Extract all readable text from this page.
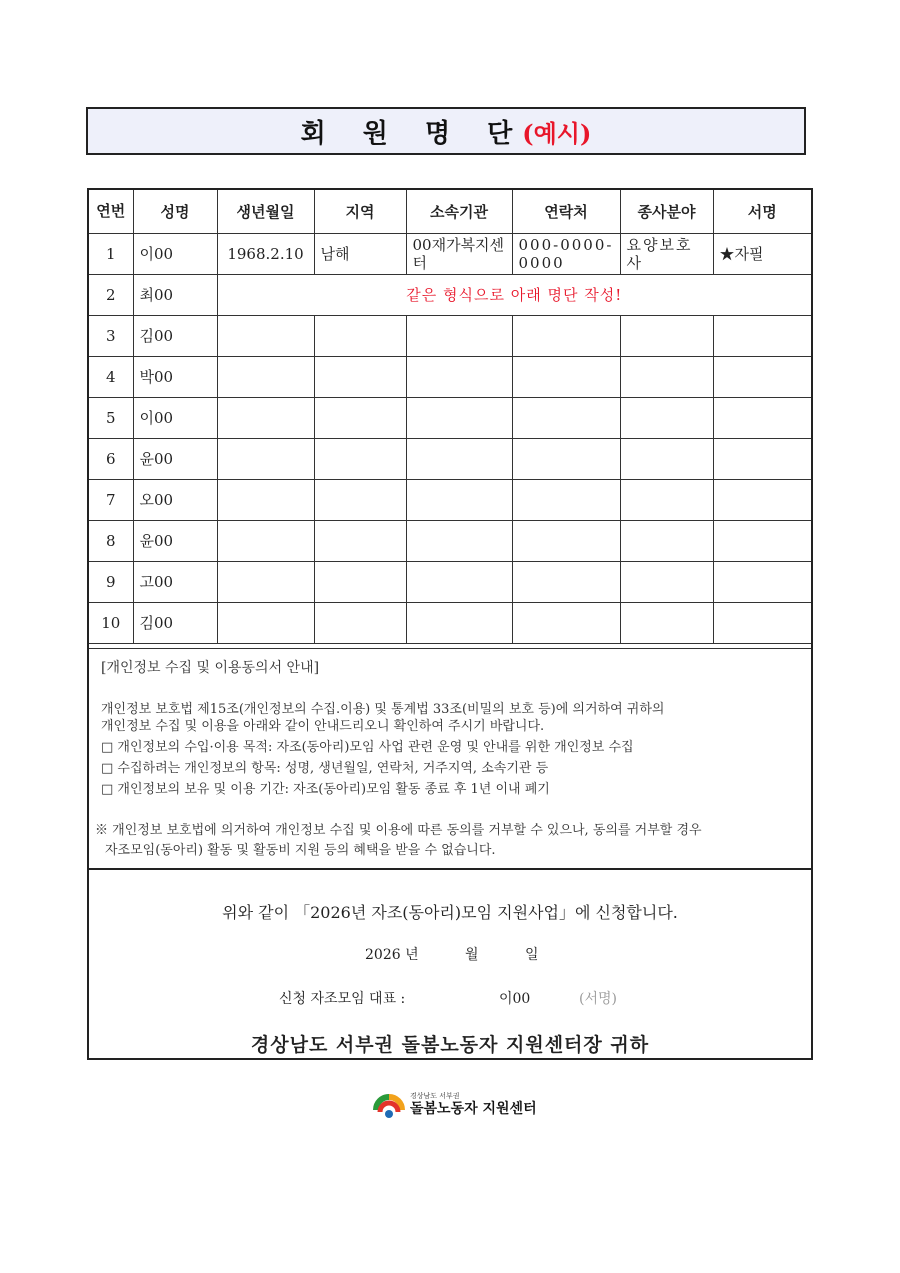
회 원 명 단
(예시)
연번	성명	생년월일	지역	소속기관	연락처	종사분야	서명
1	이00	1968.2.10	남해	00재가복지센터	000-0000-0000	요양보호사	★자필
2	최00	같은 형식으로 아래 명단 작성!					
3	김00						
4	박00						
5	이00						
6	윤00						
7	오00						
8	윤00						
9	고00						
10	김00						
[개인정보 수집 및 이용동의서 안내]
개인정보 보호법 제15조(개인정보의 수집.이용) 및 통계법 33조(비밀의 보호 등)에 의거하여 귀하의
개인정보 수집 및 이용을 아래와 같이 안내드리오니 확인하여 주시기 바랍니다.
□ 개인정보의 수입·이용 목적: 자조(동아리)모임 사업 관련 운영 및 안내를 위한 개인정보 수집
□ 수집하려는 개인정보의 항목: 성명, 생년월일, 연락처, 거주지역, 소속기관 등
□ 개인정보의 보유 및 이용 기간: 자조(동아리)모임 활동 종료 후 1년 이내 폐기
※ 개인정보 보호법에 의거하여 개인정보 수집 및 이용에 따른 동의를 거부할 수 있으나, 동의를 거부할 경우
자조모임(동아리) 활동 및 활동비 지원 등의 혜택을 받을 수 없습니다.
위와 같이 「2026년 자조(동아리)모임 지원사업」에 신청합니다.
2026 년	월	일
신청 자조모임 대표 :	이00	(서명)
경상남도 서부권 돌봄노동자 지원센터장 귀하
경상남도 서부권
돌봄노동자 지원센터
